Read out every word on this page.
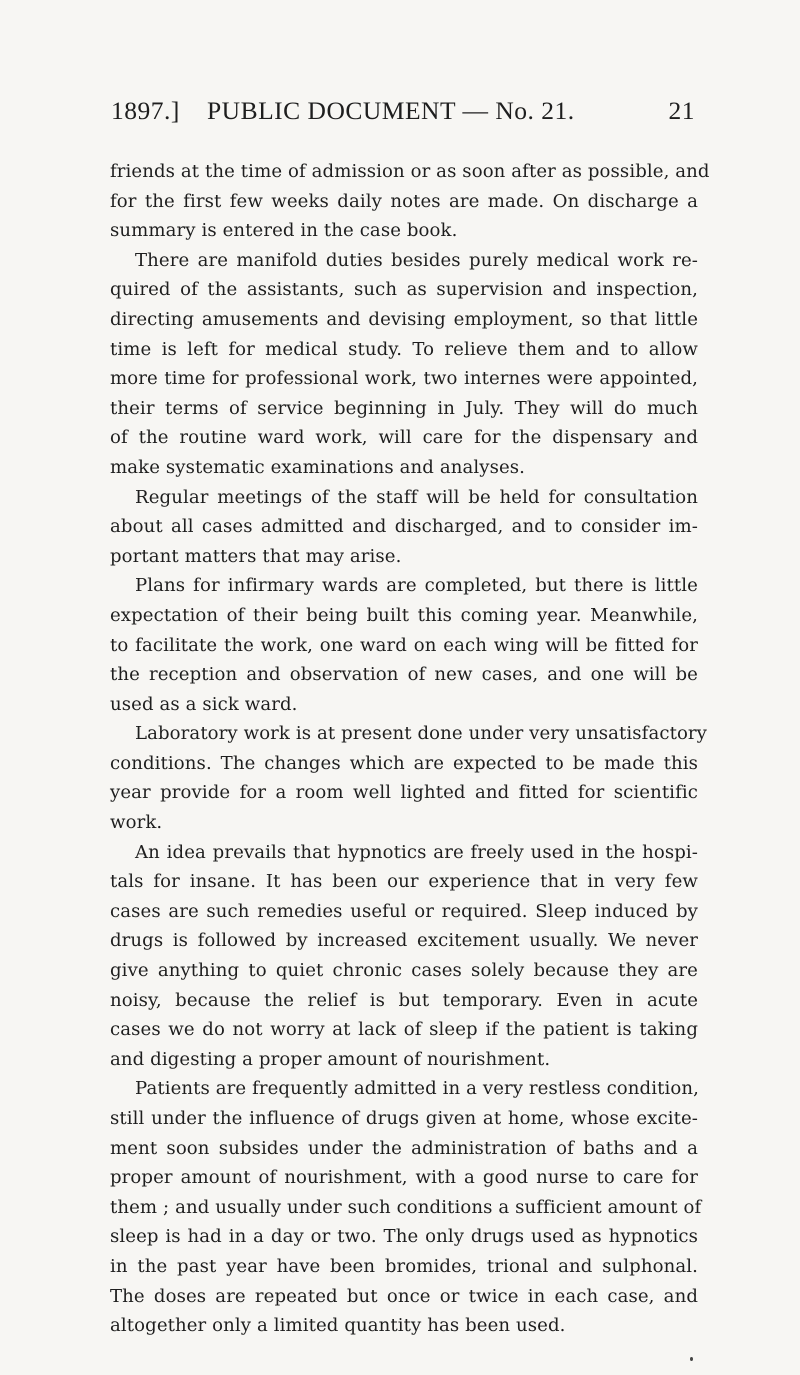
1897.] PUBLIC DOCUMENT — No. 21.	21
friends at the time of admission or as soon after as possible, and
for the first few weeks daily notes are made. On discharge a
summary is entered in the case book.
There are manifold duties besides purely medical work re-
quired of the assistants, such as supervision and inspection,
directing amusements and devising employment, so that little
time is left for medical study. To relieve them and to allow
more time for professional work, two internes were appointed,
their terms of service beginning in July. They will do much
of the routine ward work, will care for the dispensary and
make systematic examinations and analyses.
Regular meetings of the staff will be held for consultation
about all cases admitted and discharged, and to consider im-
portant matters that may arise.
Plans for infirmary wards are completed, but there is little
expectation of their being built this coming year. Meanwhile,
to facilitate the work, one ward on each wing will be fitted for
the reception and observation of new cases, and one will be
used as a sick ward.
Laboratory work is at present done under very unsatisfactory
conditions. The changes which are expected to be made this
year provide for a room well lighted and fitted for scientific
work.
An idea prevails that hypnotics are freely used in the hospi-
tals for insane. It has been our experience that in very few
cases are such remedies useful or required. Sleep induced by
drugs is followed by increased excitement usually. We never
give anything to quiet chronic cases solely because they are
noisy, because the relief is but temporary. Even in acute
cases we do not worry at lack of sleep if the patient is taking
and digesting a proper amount of nourishment.
Patients are frequently admitted in a very restless condition,
still under the influence of drugs given at home, whose excite-
ment soon subsides under the administration of baths and a
proper amount of nourishment, with a good nurse to care for
them ; and usually under such conditions a sufficient amount of
sleep is had in a day or two. The only drugs used as hypnotics
in the past year have been bromides, trional and sulphonal.
The doses are repeated but once or twice in each case, and
altogether only a limited quantity has been used.
